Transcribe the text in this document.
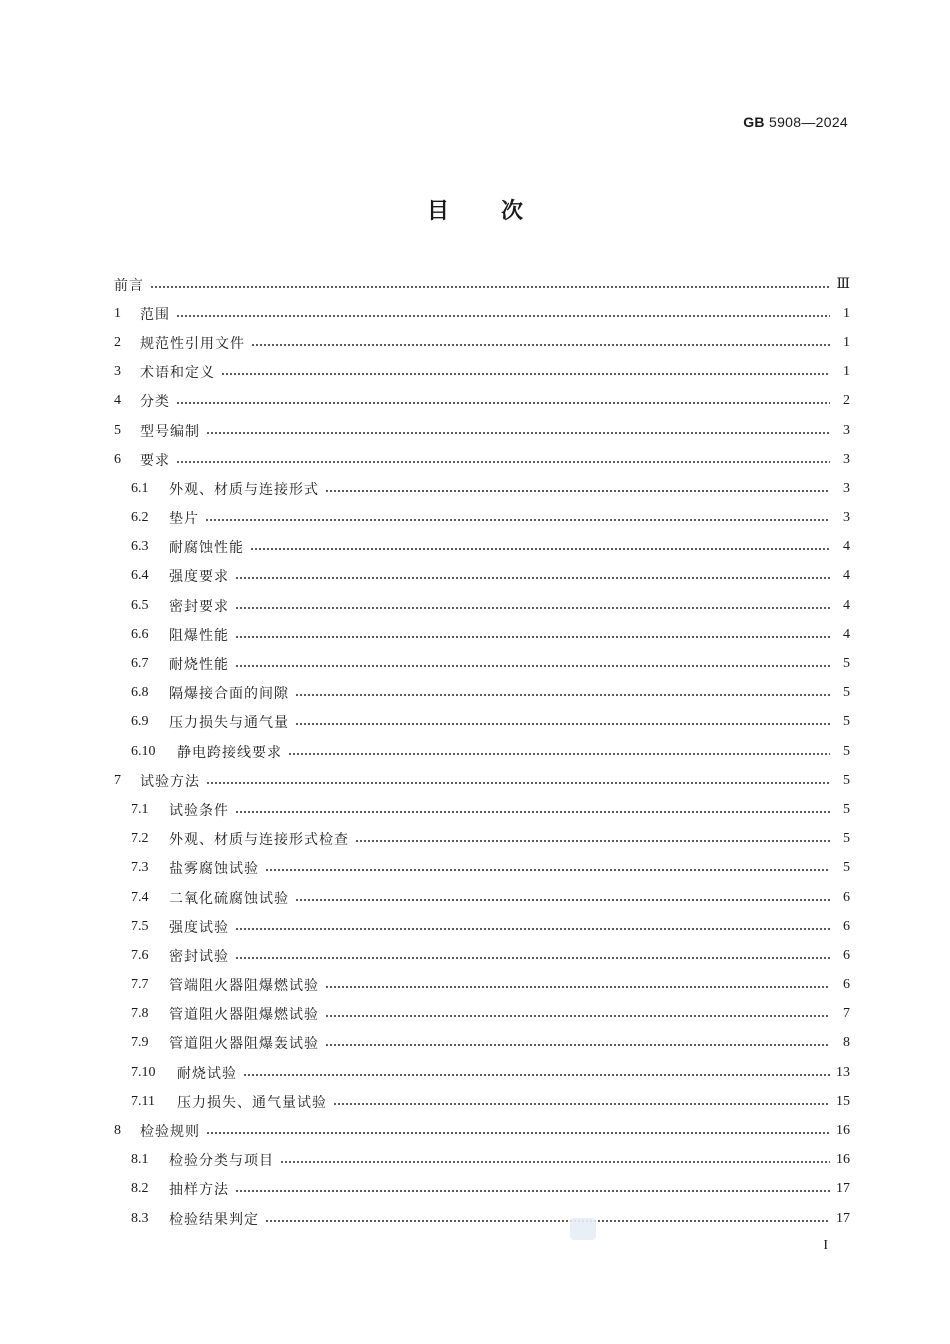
GB 5908—2024
目次
前言	Ⅲ
1	范围	1
2	规范性引用文件	1
3	术语和定义	1
4	分类	2
5	型号编制	3
6	要求	3
6.1	外观、材质与连接形式	3
6.2	垫片	3
6.3	耐腐蚀性能	4
6.4	强度要求	4
6.5	密封要求	4
6.6	阻爆性能	4
6.7	耐烧性能	5
6.8	隔爆接合面的间隙	5
6.9	压力损失与通气量	5
6.10	静电跨接线要求	5
7	试验方法	5
7.1	试验条件	5
7.2	外观、材质与连接形式检查	5
7.3	盐雾腐蚀试验	5
7.4	二氧化硫腐蚀试验	6
7.5	强度试验	6
7.6	密封试验	6
7.7	管端阻火器阻爆燃试验	6
7.8	管道阻火器阻爆燃试验	7
7.9	管道阻火器阻爆轰试验	8
7.10	耐烧试验	13
7.11	压力损失、通气量试验	15
8	检验规则	16
8.1	检验分类与项目	16
8.2	抽样方法	17
8.3	检验结果判定	17
I
